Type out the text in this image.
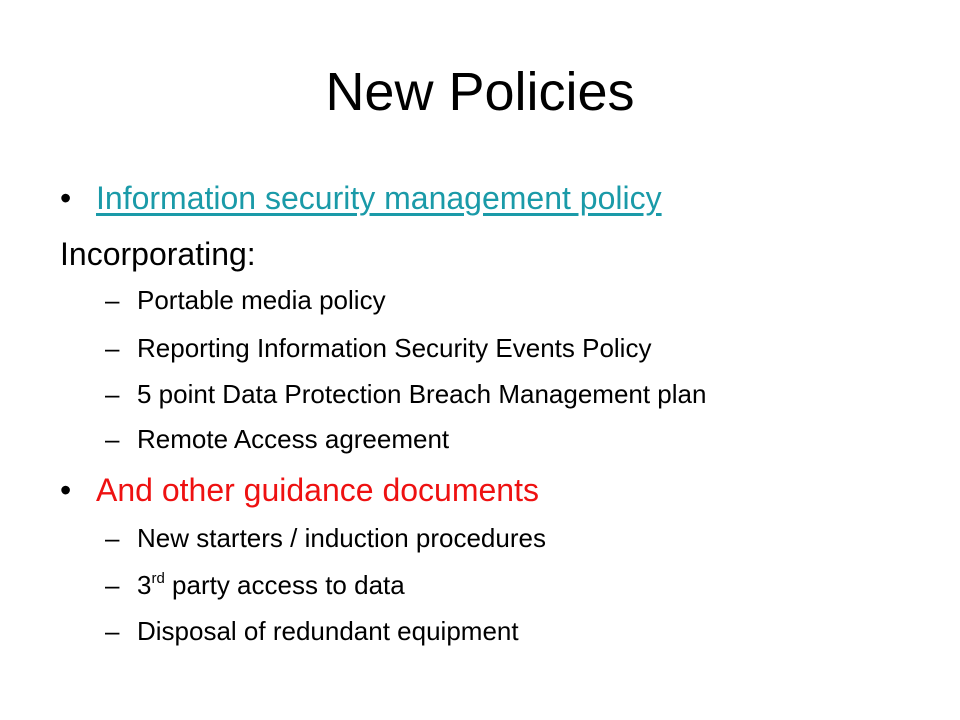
New Policies
• Information security management policy
Incorporating:
– Portable media policy
– Reporting Information Security Events Policy
– 5 point Data Protection Breach Management plan
– Remote Access agreement
• And other guidance documents
– New starters / induction procedures
– 3rd party access to data
– Disposal of redundant equipment
